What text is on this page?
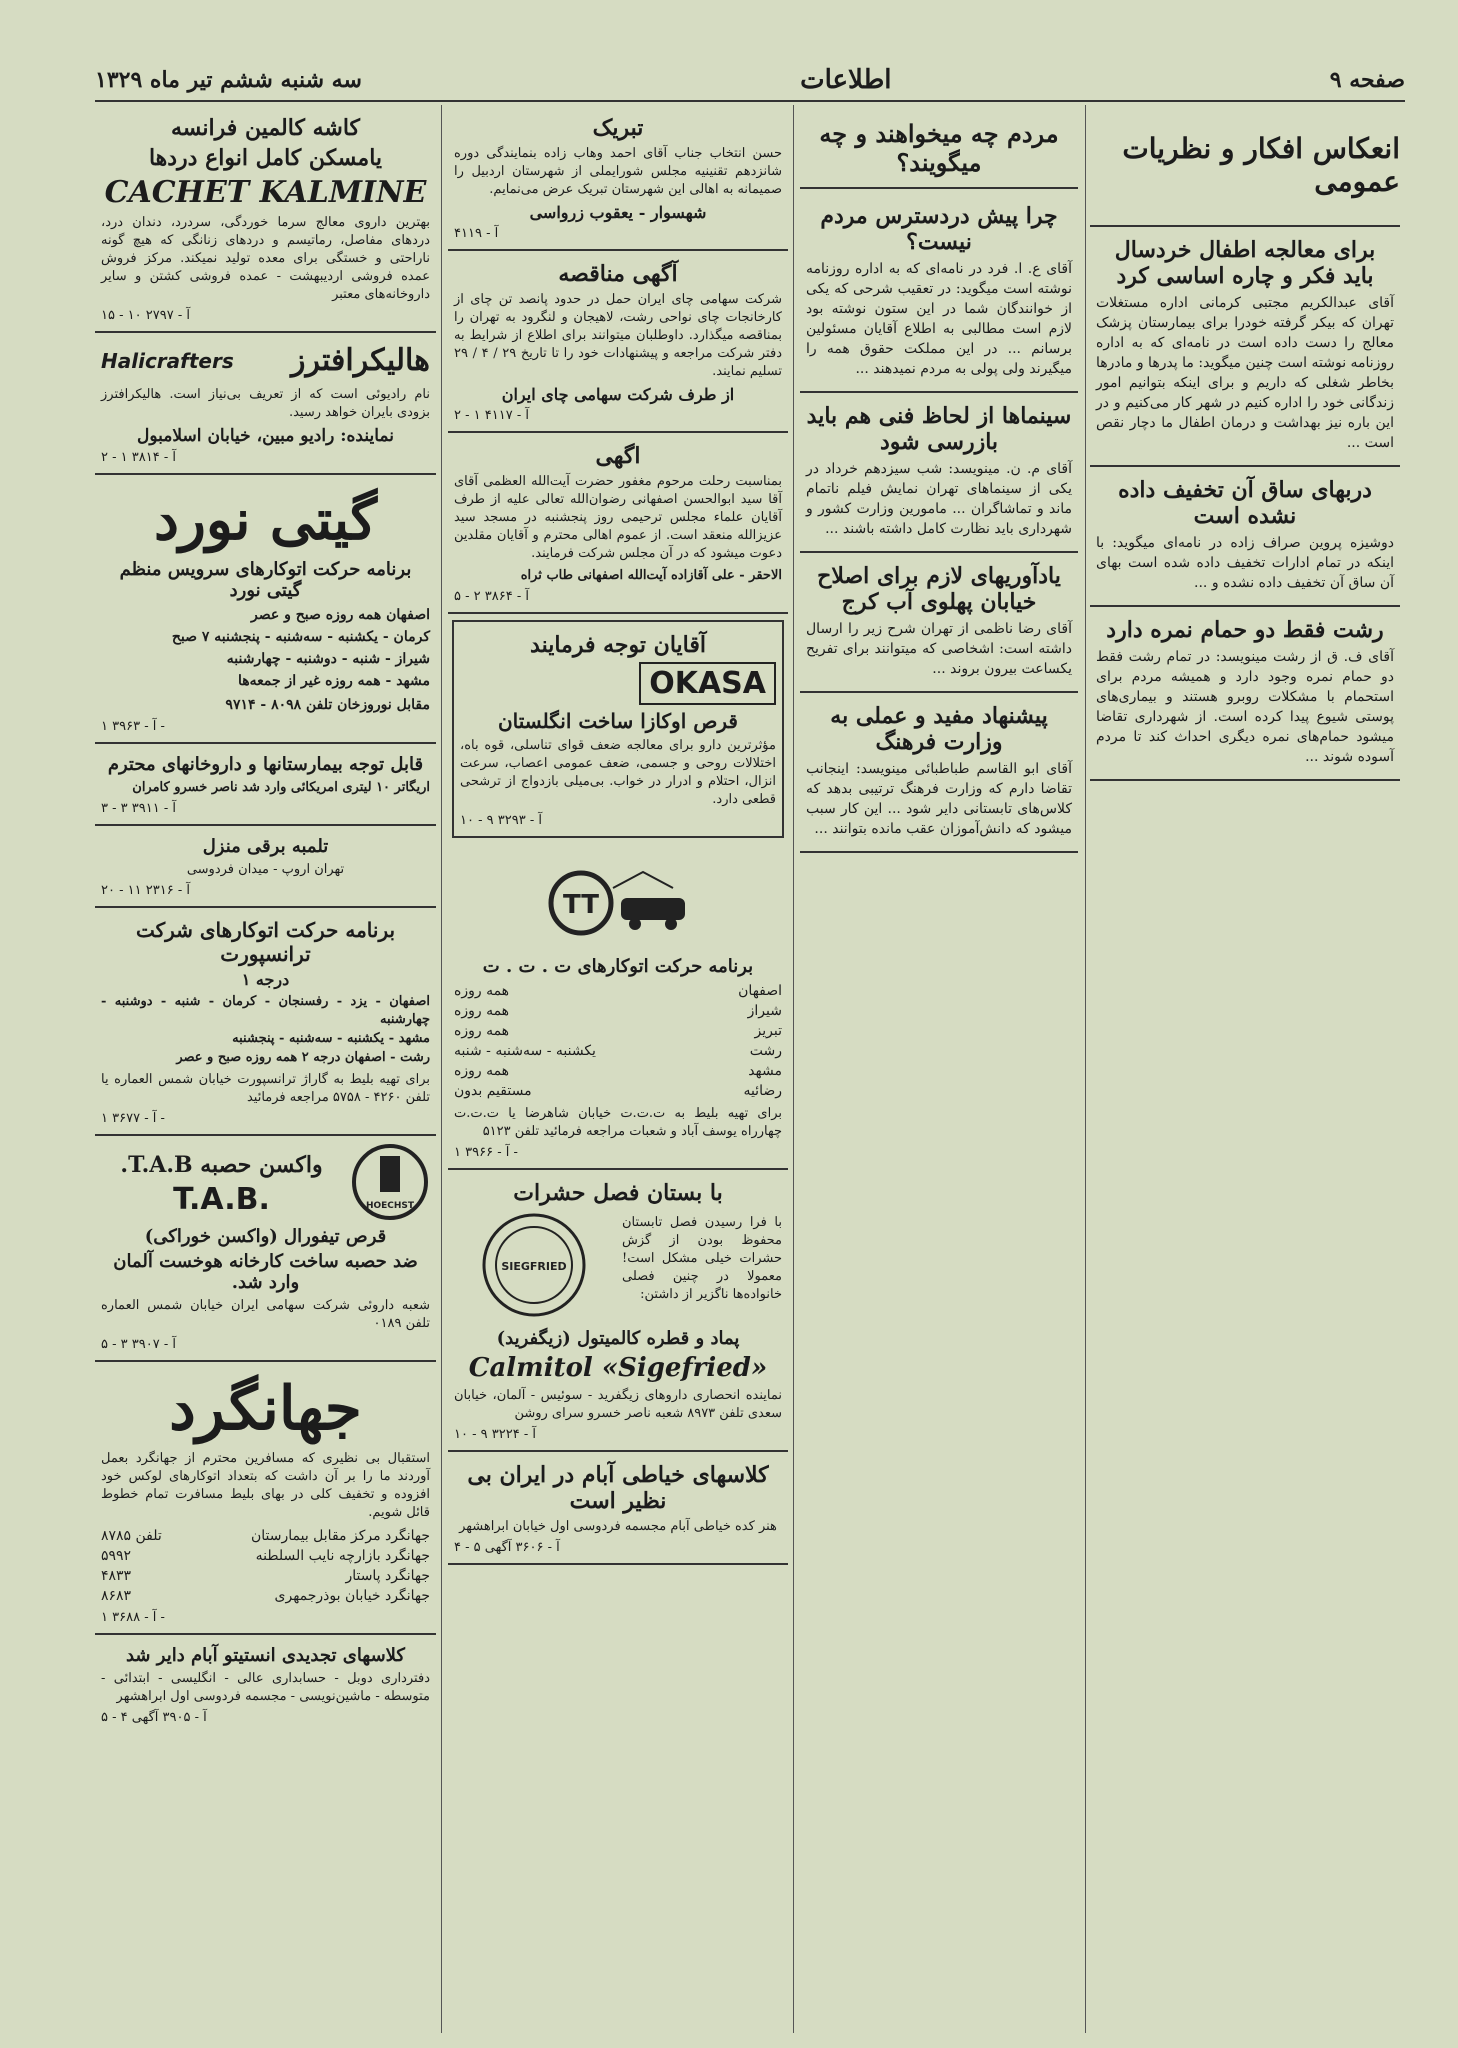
صفحه ۹
اطلاعات
سه شنبه ششم تیر ماه ۱۳۲۹
انعکاس افکار و نظریات عمومی
برای معالجه اطفال خردسال باید فکر و چاره اساسی کرد
آقای عبدالکریم مجتبی کرمانی اداره مستغلات تهران که بیکر گرفته خودرا برای بیمارستان پزشک معالج را دست داده است در نامه‌ای که به اداره روزنامه نوشته است چنین میگوید: ما پدرها و مادرها بخاطر شغلی که داریم و برای اینکه بتوانیم امور زندگانی خود را اداره کنیم در شهر کار می‌کنیم و در این باره نیز بهداشت و درمان اطفال ما دچار نقص است ...
دربهای ساق آن تخفیف داده نشده است
دوشیزه پروین صراف زاده در نامه‌ای میگوید: با اینکه در تمام ادارات تخفیف داده شده است بهای آن ساق آن تخفیف داده نشده و ...
رشت فقط دو حمام نمره دارد
آقای ف. ق از رشت مینویسد: در تمام رشت فقط دو حمام نمره وجود دارد و همیشه مردم برای استحمام با مشکلات روبرو هستند و بیماری‌های پوستی شیوع پیدا کرده است. از شهرداری تقاضا میشود حمام‌های نمره دیگری احداث کند تا مردم آسوده شوند ...
مردم چه میخواهند و چه میگویند؟
چرا پیش دردسترس مردم نیست؟
آقای ع. ا. فرد در نامه‌ای که به اداره روزنامه نوشته است میگوید: در تعقیب شرحی که یکی از خوانندگان شما در این ستون نوشته بود لازم است مطالبی به اطلاع آقایان مسئولین برسانم ... در این مملکت حقوق همه را میگیرند ولی پولی به مردم نمیدهند ...
سینماها از لحاظ فنی هم باید بازرسی شود
آقای م. ن. مینویسد: شب سیزدهم خرداد در یکی از سینماهای تهران نمایش فیلم ناتمام ماند و تماشاگران ... مامورین وزارت کشور و شهرداری باید نظارت کامل داشته باشند ...
یادآوریهای لازم برای اصلاح خیابان پهلوی آب کرج
آقای رضا ناظمی از تهران شرح زیر را ارسال داشته است: اشخاصی که میتوانند برای تفریح یکساعت بیرون بروند ...
پیشنهاد مفید و عملی به وزارت فرهنگ
آقای ابو القاسم طباطبائی مینویسد: اینجانب تقاضا دارم که وزارت فرهنگ ترتیبی بدهد که کلاس‌های تابستانی دایر شود ... این کار سبب میشود که دانش‌آموزان عقب مانده بتوانند ...
تبریک
حسن انتخاب جناب آقای احمد وهاب زاده بنمایندگی دوره شانزدهم تقنینیه مجلس شورایملی از شهرستان اردبیل را صمیمانه به اهالی این شهرستان تبریک عرض می‌نمایم.
شهسوار - یعقوب زرواسی
آ - ۴۱۱۹
آگهی مناقصه
شرکت سهامی چای ایران حمل در حدود پانصد تن چای از کارخانجات چای نواحی رشت، لاهیجان و لنگرود به تهران را بمناقصه میگذارد. داوطلبان میتوانند برای اطلاع از شرایط به دفتر شرکت مراجعه و پیشنهادات خود را تا تاریخ ۲۹ / ۴ / ۲۹ تسلیم نمایند.
از طرف شرکت سهامی چای ایران
آ - ۴۱۱۷ ۱ - ۲
اگهی
بمناسبت رحلت مرحوم مغفور حضرت آیت‌الله العظمی آقای آقا سید ابوالحسن اصفهانی رضوان‌الله تعالی علیه از طرف آقایان علماء مجلس ترحیمی روز پنجشنبه در مسجد سید عزیزالله منعقد است. از عموم اهالی محترم و آقایان مقلدین دعوت میشود که در آن مجلس شرکت فرمایند.
الاحقر - علی آقازاده آیت‌الله اصفهانی طاب ثراه
آ - ۳۸۶۴ ۲ - ۵
آقایان توجه فرمایند
OKASA
قرص اوکازا ساخت انگلستان
مؤثرترین دارو برای معالجه ضعف قوای تناسلی، قوه باه، اختلالات روحی و جسمی، ضعف عمومی اعصاب، سرعت انزال، احتلام و ادرار در خواب. بی‌میلی بازدواج از ترشحی قطعی دارد.
آ - ۳۲۹۳ ۹ - ۱۰
TT
برنامه حرکت اتوکارهای ت . ت . ت
اصفهان
همه روزه
شیراز
همه روزه
تبریز
همه روزه
رشت
یکشنبه - سه‌شنبه - شنبه
مشهد
همه روزه
رضائیه
مستقیم بدون
برای تهیه بلیط به ت.ت.ت خیابان شاهرضا یا ت.ت.ت چهارراه یوسف آباد و شعبات مراجعه فرمائید تلفن ۵۱۲۳
آ - ۳۹۶۶ ۱ -
با بستان فصل حشرات
با فرا رسیدن فصل تابستان محفوظ بودن از گزش حشرات خیلی مشکل است! معمولا در چنین فصلی خانواده‌ها ناگزیر از داشتن:
SIEGFRIED
پماد و قطره کالمیتول (زیگفرید)
Calmitol «Sigefried»
نماینده انحصاری داروهای زیگفرید - سوئیس - آلمان، خیابان سعدی تلفن ۸۹۷۳ شعبه ناصر خسرو سرای روشن
آ - ۳۲۲۴ ۹ - ۱۰
کلاسهای خیاطی آبام در ایران بی نظیر است
هنر کده خیاطی آبام مجسمه فردوسی اول خیابان ابراهشهر
آ - ۳۶۰۶ آگهی ۵ - ۴
کاشه کالمین فرانسه
یامسکن کامل انواع دردها
CACHET KALMINE
بهترین داروی معالج سرما خوردگی، سردرد، دندان درد، دردهای مفاصل، رماتیسم و دردهای زنانگی که هیچ گونه ناراحتی و خستگی برای معده تولید نمیکند. مرکز فروش عمده فروشی اردیبهشت - عمده فروشی کشتن و سایر داروخانه‌های معتبر
آ - ۲۷۹۷ ۱۰ - ۱۵
هالیکرافترز
Halicrafters
نام رادیوئی است که از تعریف بی‌نیاز است. هالیکرافترز بزودی بایران خواهد رسید.
نماینده: رادیو مبین، خیابان اسلامبول
آ - ۳۸۱۴ ۱ - ۲
گیتی نورد
برنامه حرکت اتوکارهای سرویس منظم گیتی نورد
اصفهان همه روزه صبح و عصر
کرمان - یکشنبه - سه‌شنبه - پنجشنبه ۷ صبح
شیراز - شنبه - دوشنبه - چهارشنبه
مشهد - همه روزه غیر از جمعه‌ها
مقابل نوروزخان تلفن ۸۰۹۸ - ۹۷۱۴
آ - ۳۹۶۳ ۱ -
قابل توجه بیمارستانها و داروخانهای محترم
اریگاتر ۱۰ لیتری امریکائی وارد شد ناصر خسرو کامران
آ - ۳۹۱۱ ۳ - ۳
تلمبه برقی منزل
تهران اروپ - میدان فردوسی
آ - ۲۳۱۶ ۱۱ - ۲۰
برنامه حرکت اتوکارهای شرکت ترانسپورت
درجه ۱
اصفهان - یزد - رفسنجان - کرمان - شنبه - دوشنبه - چهارشنبه
مشهد - یکشنبه - سه‌شنبه - پنجشنبه
رشت - اصفهان درجه ۲ همه روزه صبح و عصر
برای تهیه بلیط به گاراژ ترانسپورت خیابان شمس العماره یا تلفن ۴۲۶۰ - ۵۷۵۸ مراجعه فرمائید
آ - ۳۶۷۷ ۱ -
HOECHST
واکسن حصبه T.A.B.
T.A.B.
قرص تیفورال (واکسن خوراکی)
ضد حصبه ساخت کارخانه هوخست آلمان وارد شد.
شعبه داروئی شرکت سهامی ایران خیابان شمس العماره تلفن ۰۱۸۹
آ - ۳۹۰۷ ۳ - ۵
جهانگرد
استقبال بی نظیری که مسافرین محترم از جهانگرد بعمل آوردند ما را بر آن داشت که بتعداد اتوکارهای لوکس خود افزوده و تخفیف کلی در بهای بلیط مسافرت تمام خطوط قائل شویم.
جهانگرد مرکز مقابل بیمارستان
تلفن ۸۷۸۵
جهانگرد بازارچه نایب السلطنه
۵۹۹۲
جهانگرد پاستار
۴۸۳۳
جهانگرد خیابان بوذرجمهری
۸۶۸۳
آ - ۳۶۸۸ ۱ -
کلاسهای تجدیدی انستیتو آبام دایر شد
دفترداری دوبل - حسابداری عالی - انگلیسی - ابتدائی - متوسطه - ماشین‌نویسی - مجسمه فردوسی اول ابراهشهر
آ - ۳۹۰۵ آگهی ۴ - ۵
